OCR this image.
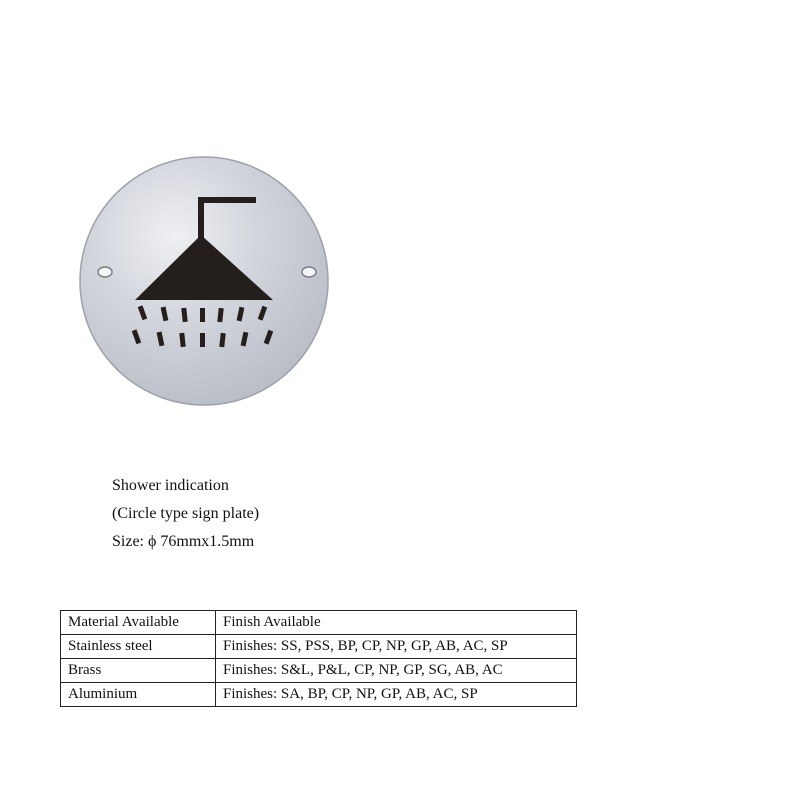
Shower indication
(Circle type sign plate)
Size: ϕ 76mmx1.5mm
Material Available	Finish Available
Stainless steel	Finishes: SS, PSS, BP, CP, NP, GP, AB, AC, SP
Brass	Finishes: S&L, P&L, CP, NP, GP, SG, AB, AC
Aluminium	Finishes: SA, BP, CP, NP, GP, AB, AC, SP
